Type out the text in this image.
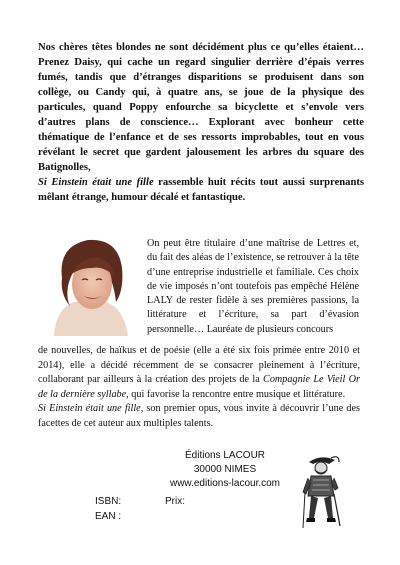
Nos chères têtes blondes ne sont décidément plus ce qu’elles étaient…Prenez Daisy, qui cache un regard singulier derrière d’épais verres fumés, tandis que d’étranges disparitions se produisent dans son collège, ou Candy qui, à quatre ans, se joue de la physique des particules, quand Poppy enfourche sa bicyclette et s’envole vers d’autres plans de conscience… Explorant avec bonheur cette thématique de l’enfance et de ses ressorts improbables, tout en vous révélant le secret que gardent jalousement les arbres du square des Batignolles,

Si Einstein était une fille rassemble huit récits tout aussi surprenants mêlant étrange, humour décalé et fantastique.

On peut être titulaire d’une maîtrise de Lettres et, du fait des aléas de l’existence, se retrouver à la tête d’une entreprise industrielle et familiale. Ces choix de vie imposés n’ont toutefois pas empêché Hélène LALY de rester fidèle à ses premières passions, la littérature et l’écriture, sa part d’évasion personnelle… Lauréate de plusieurs concours

de nouvelles, de haïkus et de poésie (elle a été six fois primée entre 2010 et 2014), elle a décidé récemment de se consacrer pleinement à l’écriture, collaborant par ailleurs à la création des projets de la Compagnie Le Vieil Or de la dernière syllabe, qui favorise la rencontre entre musique et littérature.

Si Einstein était une fille, son premier opus, vous invite à découvrir l’une des facettes de cet auteur aux multiples talents.

Éditions LACOUR
30000 NIMES
www.editions-lacour.com
ISBN:	Prix:
EAN :
